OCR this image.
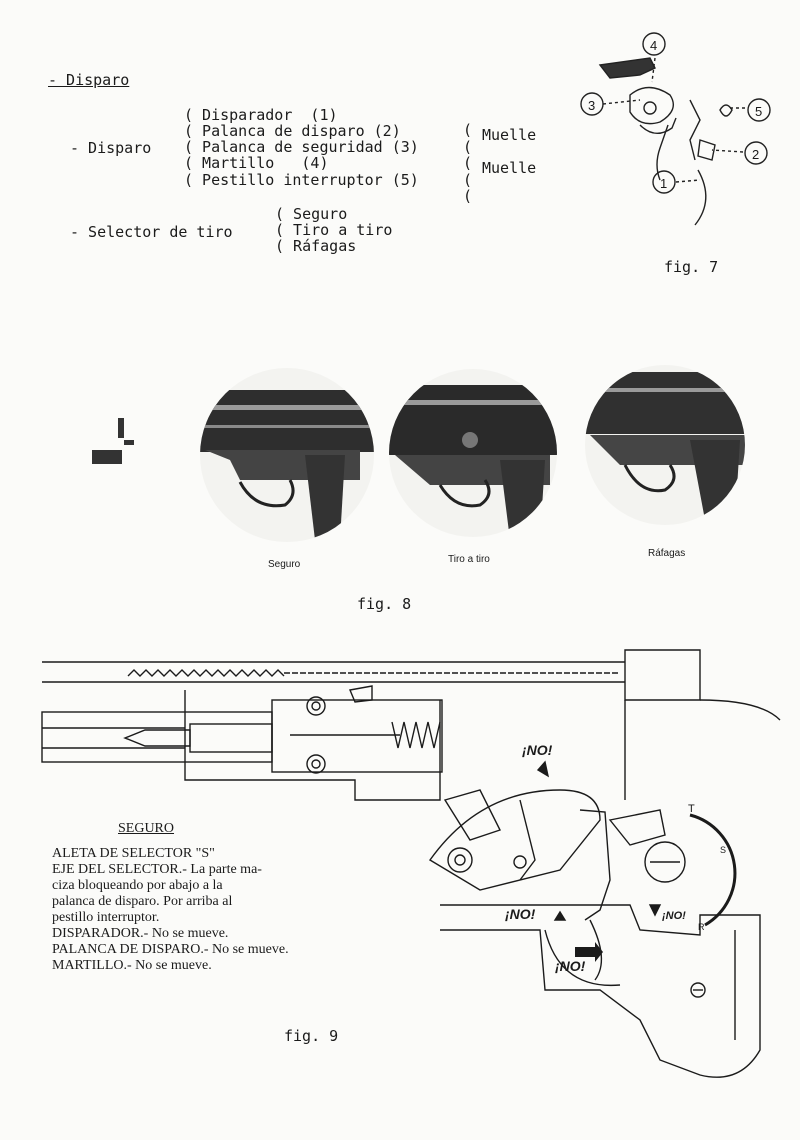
- Disparo
- Disparo
( Disparador  (1)
( Palanca de disparo (2)
( Palanca de seguridad (3)
( Martillo   (4)
( Pestillo interruptor (5)
(
(
(
(
(
Muelle
Muelle
- Selector de tiro
( Seguro
( Tiro a tiro
( Ráfagas
4
3	5
2
1
fig. 7
Seguro	Tiro a tiro
Ráfagas
fig. 8
¡NO!
¡NO!
¡NO!
¡NO!
T
S
R
SEGURO
ALETA DE SELECTOR "S"
EJE DEL SELECTOR.- La parte ma-
ciza bloqueando por abajo a la
palanca de disparo. Por arriba al
pestillo interruptor.
DISPARADOR.- No se mueve.
PALANCA DE DISPARO.- No se mueve.
MARTILLO.- No se mueve.
fig. 9
